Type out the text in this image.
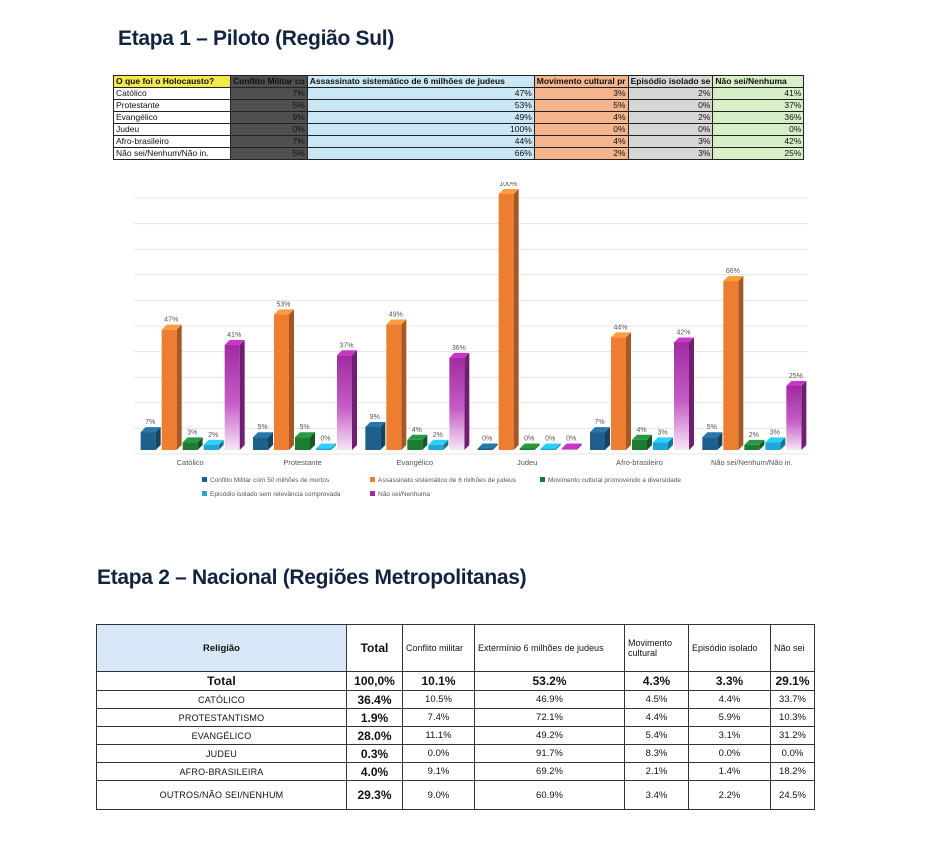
Etapa 1 – Piloto (Região Sul)
O que foi o Holocausto?	Conflito Militar co	Assassinato sistemático de 6 milhões de judeus	Movimento cultural pr	Episódio isolado se	Não sei/Nenhuma
Católico	7%	47%	3%	2%	41%
Protestante	5%	53%	5%	0%	37%
Evangélico	9%	49%	4%	2%	36%
Judeu	0%	100%	0%	0%	0%
Afro-brasileiro	7%	44%	4%	3%	42%
Não sei/Nenhum/Não in.	5%	66%	2%	3%	25%
7%
47%
3% 2%
41%
5%
53%
5%
0%
37%
9%
49%
4%
2%
36%
0%
100%
0% 0% 0%
7%
44%
4% 3%
42%
5%
66%
2% 3%
25%
Católico	Protestante	Evangélico	Judeu	Afro-brasileiro	Não sei/Nenhum/Não in.
Conflito Militar com 50 milhões de mortos	Assassinato sistemático de 6 milhões de judeus	Movimento cultural promovendo a diversidade
Episódio isolado sem relevância comprovada	Não sei/Nenhuma
Etapa 2 – Nacional (Regiões Metropolitanas)
Religião	Total	Conflito militar	Extermínio 6 milhões de judeus	Movimento cultural	Episódio isolado	Não sei
Total	100,0%	10.1%	53.2%	4.3%	3.3%	29.1%
CATÓLICO	36.4%	10.5%	46.9%	4.5%	4.4%	33.7%
PROTESTANTISMO	1.9%	7.4%	72.1%	4.4%	5.9%	10.3%
EVANGÉLICO	28.0%	11.1%	49.2%	5.4%	3.1%	31.2%
JUDEU	0.3%	0.0%	91.7%	8.3%	0.0%	0.0%
AFRO-BRASILEIRA	4.0%	9.1%	69.2%	2.1%	1.4%	18.2%
OUTROS/NÃO SEI/NENHUM	29.3%	9.0%	60.9%	3.4%	2.2%	24.5%
